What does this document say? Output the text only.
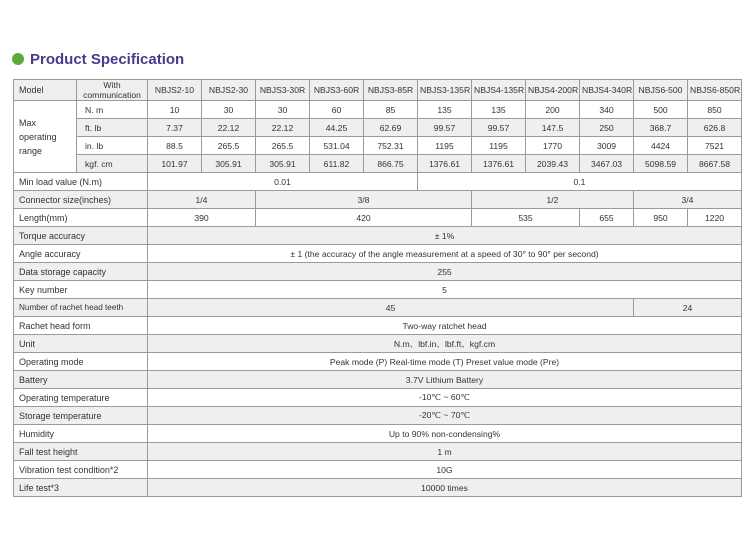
Product Specification
Model	With communication	NBJS2-10	NBJS2-30	NBJS3-30R	NBJS3-60R	NBJS3-85R	NBJS3-135R	NBJS4-135R	NBJS4-200R	NBJS4-340R	NBJS6-500	NBJS6-850R
Max operating range	N. m	10	30	30	60	85	135	135	200	340	500	850
	ft. lb	7.37	22.12	22.12	44.25	62.69	99.57	99.57	147.5	250	368.7	626.8
	in. lb	88.5	265.5	265.5	531.04	752.31	1195	1195	1770	3009	4424	7521
	kgf. cm	101.97	305.91	305.91	611.82	866.75	1376.61	1376.61	2039.43	3467.03	5098.59	8667.58
Min load value (N.m)		0.01					0.1					
Connector size(inches)		1/4		3/8				1/2			3/4	
Length(mm)		390		420				535		655	950	1220
Torque accuracy		± 1%										
Angle accuracy		± 1 (the accuracy of the angle measurement at a speed of 30° to 90° per second)										
Data storage capacity		255										
Key number		5										
Number of rachet head teeth		45									24	
Rachet head form		Two-way ratchet head										
Unit		N.m、lbf.in、lbf.ft、kgf.cm										
Operating mode		Peak mode (P) Real-time mode (T) Preset value mode (Pre)										
Battery		3.7V Lithium Battery										
Operating temperature		-10℃ ~ 60℃										
Storage temperature		-20℃ ~ 70℃										
Humidity		Up to 90% non-condensing%										
Fall test height		1 m										
Vibration test condition*2		10G										
Life test*3		10000 times										
